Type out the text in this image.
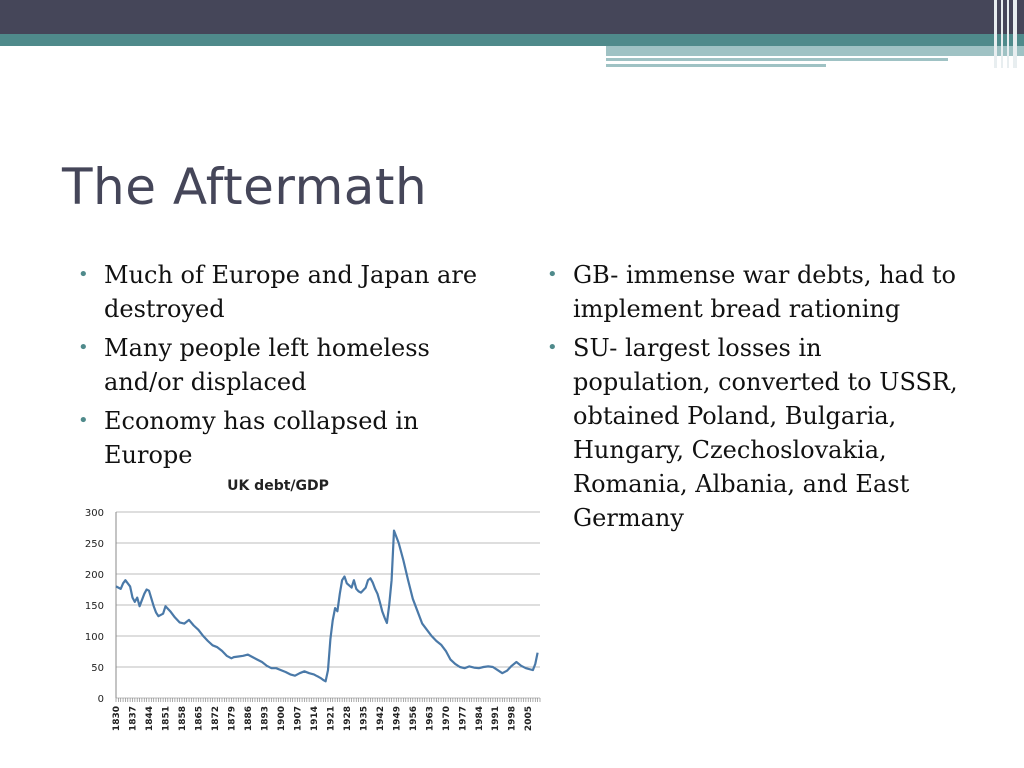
The Aftermath
• Much of Europe and Japan are destroyed
• Many people left homeless and/or displaced
• Economy has collapsed in Europe
• GB- immense war debts, had to implement bread rationing
• SU- largest losses in population, converted to USSR, obtained Poland, Bulgaria, Hungary, Czechoslovakia, Romania, Albania, and East Germany
UK debt/GDP
0
50
100
150
200
250
300
1830 1837 1844 1851 1858 1865 1872 1879 1886 1893 1900 1907 1914 1921 1928 1935 1942 1949 1956 1963 1970 1977 1984 1991 1998 2005
